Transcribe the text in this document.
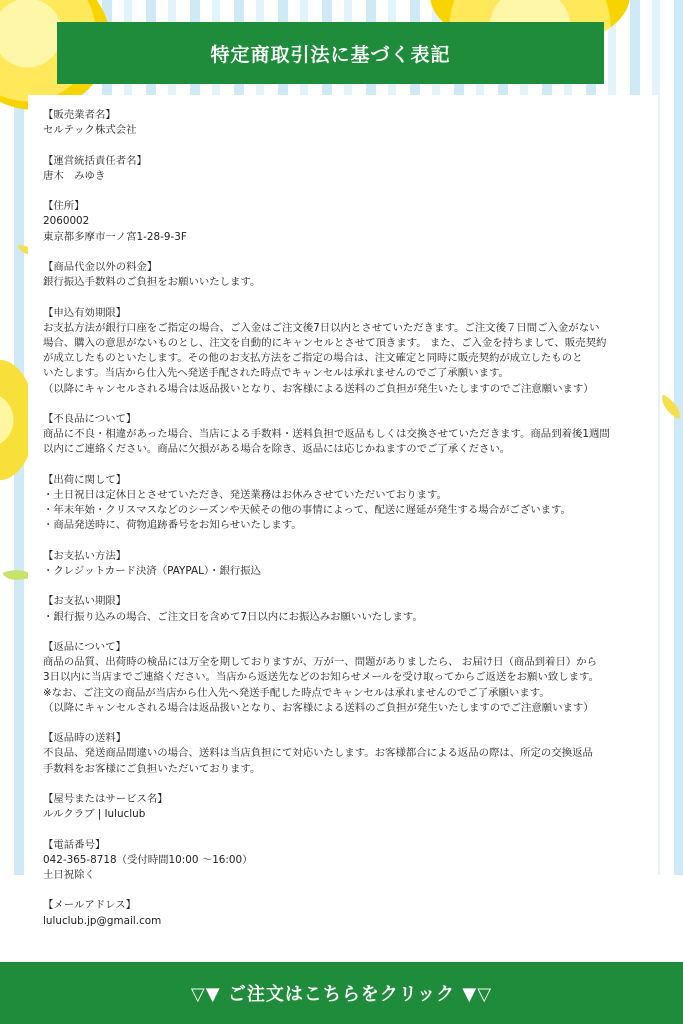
特定商取引法に基づく表記
【販売業者名】
セルテック株式会社
【運営統括責任者名】
唐木　みゆき
【住所】
2060002
東京都多摩市一ノ宮1-28-9-3F
【商品代金以外の料金】
銀行振込手数料のご負担をお願いいたします。
【申込有効期限】
お支払方法が銀行口座をご指定の場合、ご入金はご注文後7日以内とさせていただきます。ご注文後７日間ご入金がない
場合、購入の意思がないものとし、注文を自動的にキャンセルとさせて頂きます。 また、ご入金を持ちまして、販売契約
が成立したものといたします。その他のお支払方法をご指定の場合は、注文確定と同時に販売契約が成立したものと
いたします。当店から仕入先へ発送手配された時点でキャンセルは承れませんのでご了承願います。
（以降にキャンセルされる場合は返品扱いとなり、お客様による送料のご負担が発生いたしますのでご注意願います）
【不良品について】
商品に不良・相違があった場合、当店による手数料・送料負担で返品もしくは交換させていただきます。商品到着後1週間
以内にご連絡ください。商品に欠損がある場合を除き、返品には応じかねますのでご了承ください。
【出荷に関して】
・土日祝日は定休日とさせていただき、発送業務はお休みさせていただいております。
・年末年始・クリスマスなどのシーズンや天候その他の事情によって、配送に遅延が発生する場合がございます。
・商品発送時に、荷物追跡番号をお知らせいたします。
【お支払い方法】
・クレジットカード決済（PAYPAL）・銀行振込
【お支払い期限】
・銀行振り込みの場合、ご注文日を含めて7日以内にお振込みお願いいたします。
【返品について】
商品の品質、出荷時の検品には万全を期しておりますが、万が一、問題がありましたら、 お届け日（商品到着日）から
3日以内に当店までご連絡ください。当店から返送先などのお知らせメールを受け取ってからご返送をお願い致します。
※なお、ご注文の商品が当店から仕入先へ発送手配した時点でキャンセルは承れませんのでご了承願います。
（以降にキャンセルされる場合は返品扱いとなり、お客様による送料のご負担が発生いたしますのでご注意願います）
【返品時の送料】
不良品、発送商品間違いの場合、送料は当店負担にて対応いたします。お客様都合による返品の際は、所定の交換返品
手数料をお客様にご負担いただいております。
【屋号またはサービス名】
ルルクラブ | luluclub
【電話番号】
042-365-8718（受付時間10:00 ～16:00）
土日祝除く
【メールアドレス】
luluclub.jp@gmail.com
▽▼ ご注文はこちらをクリック ▼▽
